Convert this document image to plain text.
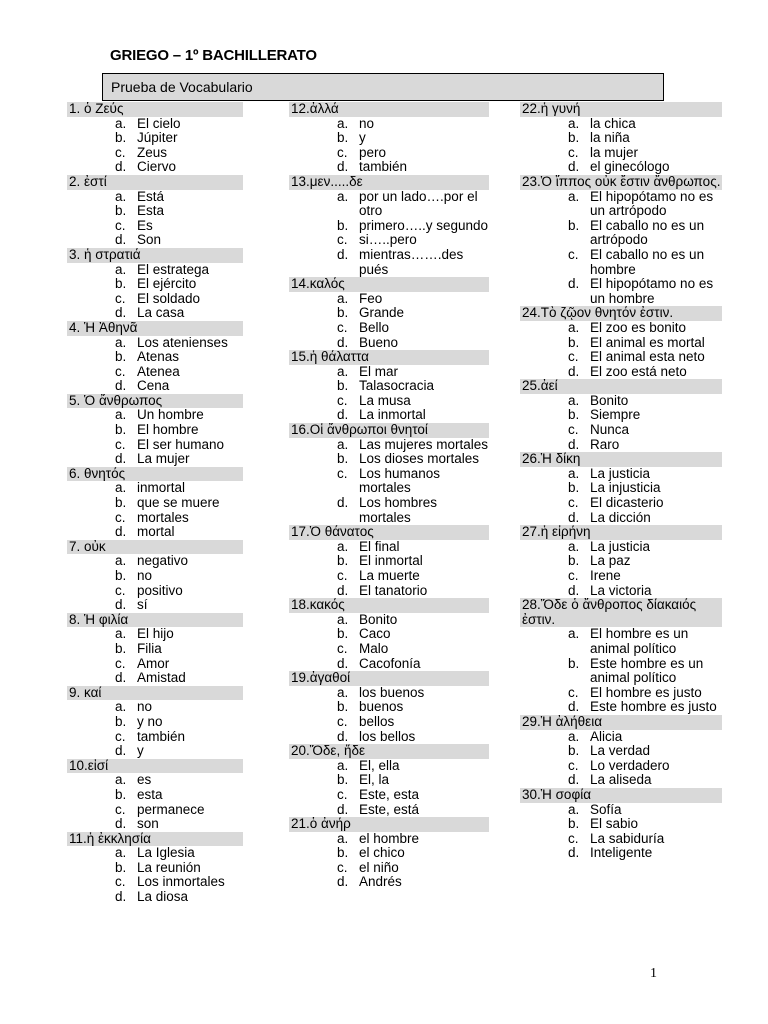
GRIEGO – 1º BACHILLERATO
Prueba de Vocabulario
1. ὁ Ζεύς
a. El cielo
b. Júpiter
c. Zeus
d. Ciervo
2. ἐστί
a. Está
b. Esta
c. Es
d. Son
3. ἡ στρατιά
a. El estratega
b. El ejército
c. El soldado
d. La casa
4. Ἡ Ἀθηνᾶ
a. Los atenienses
b. Atenas
c. Atenea
d. Cena
5. Ὁ ἄνθρωπος
a. Un hombre
b. El hombre
c. El ser humano
d. La mujer
6. θνητός
a. inmortal
b. que se muere
c. mortales
d. mortal
7. οὐκ
a. negativo
b. no
c. positivo
d. sí
8. Ἡ φιλία
a. El hijo
b. Filia
c. Amor
d. Amistad
9. καί
a. no
b. y no
c. también
d. y
10.εἰσί
a. es
b. esta
c. permanece
d. son
11.ἡ ἐκκλησία
a. La Iglesia
b. La reunión
c. Los inmortales
d. La diosa
12.ἀλλά
a. no
b. y
c. pero
d. también
13.μεν.....δε
a. por un lado….por el otro
b. primero…..y segundo
c. si…..pero
d. mientras…….des pués
14.καλός
a. Feo
b. Grande
c. Bello
d. Bueno
15.ἡ θάλαττα
a. El mar
b. Talasocracia
c. La musa
d. La inmortal
16.Οἱ ἄνθρωποι θνητοί
a. Las mujeres mortales
b. Los dioses mortales
c. Los humanos mortales
d. Los hombres mortales
17.Ὁ θάνατος
a. El final
b. El inmortal
c. La muerte
d. El tanatorio
18.κακός
a. Bonito
b. Caco
c. Malo
d. Cacofonía
19.ἀγαθοί
a. los buenos
b. buenos
c. bellos
d. los bellos
20.Ὅδε, ἥδε
a. El, ella
b. El, la
c. Este, esta
d. Este, está
21.ὁ ἀνήρ
a. el hombre
b. el chico
c. el niño
d. Andrés
22.ἡ γυνή
a. la chica
b. la niña
c. la mujer
d. el ginecólogo
23.Ὁ ἵππος οὐκ ἔστιν ἄνθρωπος.
a. El hipopótamo no es un artrópodo
b. El caballo no es un artrópodo
c. El caballo no es un hombre
d. El hipopótamo no es un hombre
24.Τὸ ζῷον θνητόν ἐστιν.
a. El zoo es bonito
b. El animal es mortal
c. El animal esta neto
d. El zoo está neto
25.ἀεί
a. Bonito
b. Siempre
c. Nunca
d. Raro
26.Ἡ δίκη
a. La justicia
b. La injusticia
c. El dicasterio
d. La dicción
27.ἡ εἰρήνη
a. La justicia
b. La paz
c. Irene
d. La victoria
28.Ὅδε ὁ ἄνθροπος δίακαιός ἐστιν.
a. El hombre es un animal político
b. Este hombre es un animal político
c. El hombre es justo
d. Este hombre es justo
29.Ἡ ἀλήθεια
a. Alicia
b. La verdad
c. Lo verdadero
d. La aliseda
30.Ἡ σοφία
a. Sofía
b. El sabio
c. La sabiduría
d. Inteligente
1
